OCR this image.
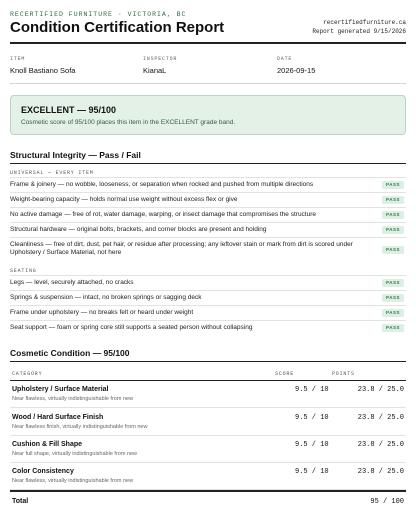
RECERTIFIED FURNITURE · VICTORIA, BC
Condition Certification Report	recertifiedfurniture.ca
Report generated 9/15/2026
ITEM
Knoll Bastiano Sofa
INSPECTOR
KianaL
DATE
2026-09-15
EXCELLENT — 95/100
Cosmetic score of 95/100 places this item in the EXCELLENT grade band.
Structural Integrity — Pass / Fail
UNIVERSAL — EVERY ITEM
Frame & joinery — no wobble, looseness, or separation when rocked and pushed from multiple directions	PASS
Weight-bearing capacity — holds normal use weight without excess flex or give	PASS
No active damage — free of rot, water damage, warping, or insect damage that compromises the structure	PASS
Structural hardware — original bolts, brackets, and corner blocks are present and holding	PASS
Cleanliness — free of dirt, dust, pet hair, or residue after processing; any leftover stain or mark from dirt is scored under Upholstery / Surface Material, not here	PASS
SEATING
Legs — level, securely attached, no cracks	PASS
Springs & suspension — intact, no broken springs or sagging deck	PASS
Frame under upholstery — no breaks felt or heard under weight	PASS
Seat support — foam or spring core still supports a seated person without collapsing	PASS
Cosmetic Condition — 95/100
CATEGORY	SCORE	POINTS
Upholstery / Surface Material
Near flawless, virtually indistinguishable from new
9.5 / 10	23.8 / 25.0
Wood / Hard Surface Finish
Near flawless finish, virtually indistinguishable from new
9.5 / 10	23.8 / 25.0
Cushion & Fill Shape
Near full shape, virtually indistinguishable from new
9.5 / 10	23.8 / 25.0
Color Consistency
Near flawless, virtually indistinguishable from new
9.5 / 10	23.8 / 25.0
Total	95 / 100
